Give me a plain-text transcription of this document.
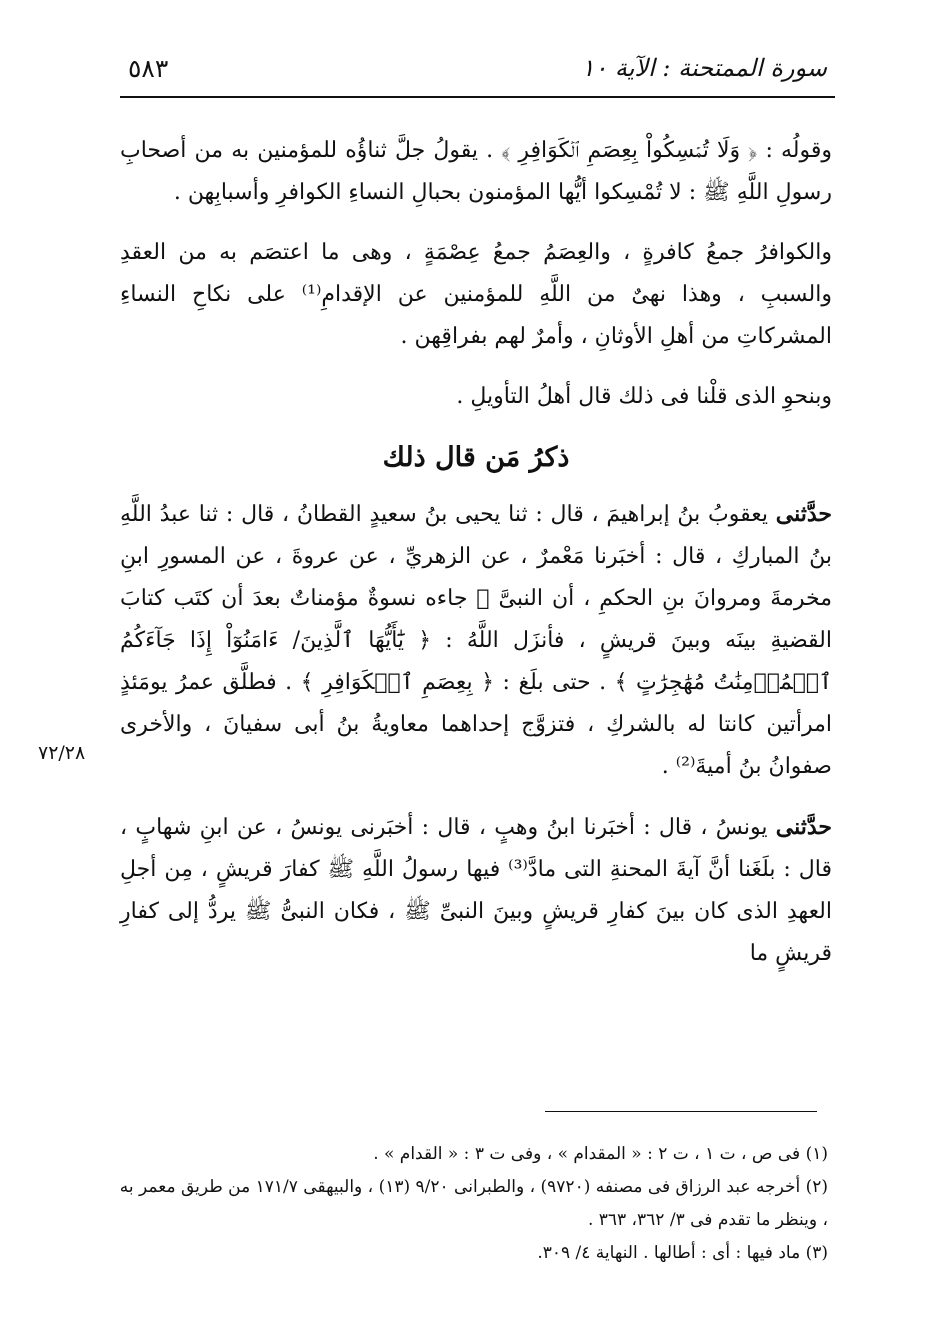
٥٨٣	سورة الممتحنة : الآية ١٠

وقولُه : ﴿ وَلَا تُمۡسِكُواْ بِعِصَمِ ٱلۡكَوَافِرِ ﴾ . يقولُ جلَّ ثناؤُه للمؤمنين به من أصحابِ رسولِ اللَّهِ ﷺ : لا تُمْسِكوا أيُّها المؤمنون بحبالِ النساءِ الكوافرِ وأسبابِهن .

والكوافرُ جمعُ كافرةٍ ، والعِصَمُ جمعُ عِصْمَةٍ ، وهى ما اعتصَم به من العقدِ والسببِ ، وهذا نهىٌ من اللَّهِ للمؤمنين عن الإقدامِ⁽¹⁾ على نكاحِ النساءِ المشركاتِ من أهلِ الأوثانِ ، وأمرٌ لهم بفراقِهن .

وبنحوِ الذى قلْنا فى ذلك قال أهلُ التأويلِ .

ذكرُ مَن قال ذلك

حدَّثنى يعقوبُ بنُ إبراهيمَ ، قال : ثنا يحيى بنُ سعيدٍ القطانُ ، قال : ثنا عبدُ اللَّهِ بنُ المباركِ ، قال : أخبَرنا مَعْمرٌ ، عن الزهريِّ ، عن عروةَ ، عن المسورِ ابنِ مخرمةَ ومروانَ بنِ الحكمِ ، أن النبىَّ ﷺ جاءه نسوةٌ مؤمناتٌ بعدَ أن كتَب كتابَ القضيةِ بينَه وبينَ قريشٍ ، فأنزَل اللَّهُ : ﴿ يَٰٓأَيُّهَا ٱلَّذِينَ/ ءَامَنُوٓاْ إِذَا جَآءَكُمُ ٱلۡمُؤۡمِنَٰتُ مُهَٰجِرَٰتٍ ﴾ . حتى بلَغ : ﴿ بِعِصَمِ ٱلۡكَوَافِرِ ﴾ . فطلَّق عمرُ يومَئذٍ امرأتين كانتا له بالشركِ ، فتزوَّج إحداهما معاويةُ بنُ أبى سفيانَ ، والأخرى صفوانُ بنُ أميةَ⁽²⁾ .

حدَّثنى يونسُ ، قال : أخبَرنا ابنُ وهبٍ ، قال : أخبَرنى يونسُ ، عن ابنِ شهابٍ ، قال : بلَغَنا أنَّ آيةَ المحنةِ التى مادَّ⁽³⁾ فيها رسولُ اللَّهِ ﷺ كفارَ قريشٍ ، مِن أجلِ العهدِ الذى كان بينَ كفارِ قريشٍ وبينَ النبىِّ ﷺ ، فكان النبىُّ ﷺ يردُّ إلى كفارِ قريشٍ ما

٧٢/٢٨

(١) فى ص ، ت ١ ، ت ٢ : « المقدام » ، وفى ت ٣ : « القدام » .

(٢) أخرجه عبد الرزاق فى مصنفه (٩٧٢٠) ، والطبرانى ٩/٢٠ (١٣) ، والبيهقى ١٧١/٧ من طريق معمر به ، وينظر ما تقدم فى ٣/ ٣٦٢، ٣٦٣ .

(٣) ماد فيها : أى : أطالها . النهاية ٤/ ٣٠٩.
